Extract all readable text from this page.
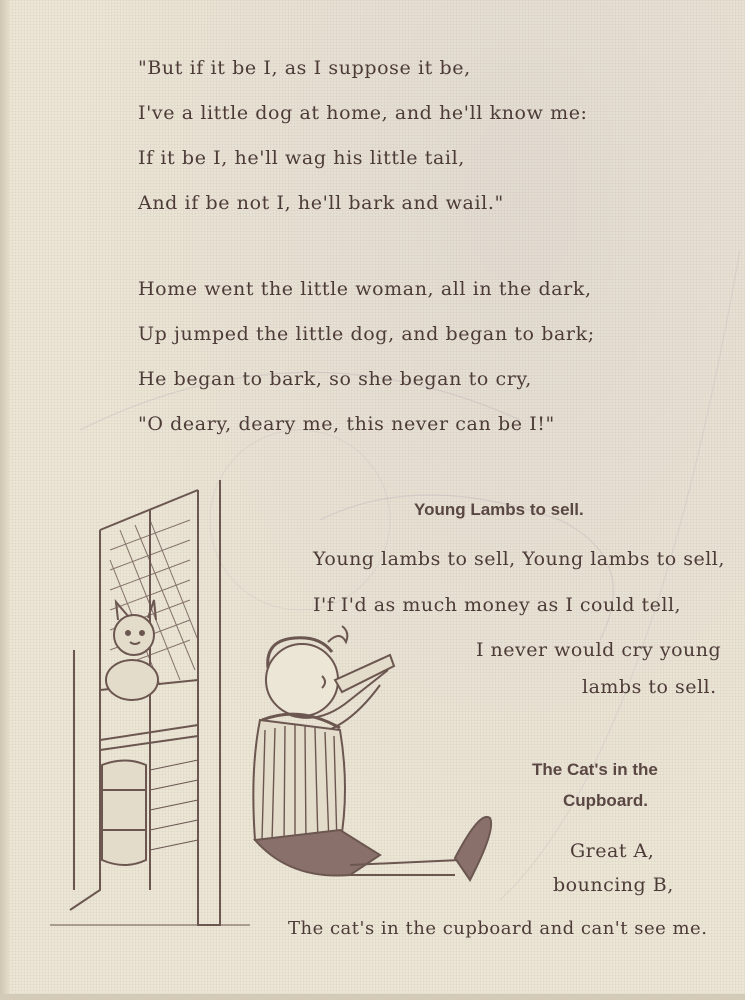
"But if it be I, as I suppose it be,
I've a little dog at home, and he'll know me:
If it be I, he'll wag his little tail,
And if be not I, he'll bark and wail."
Home went the little woman, all in the dark,
Up jumped the little dog, and began to bark;
He began to bark, so she began to cry,
"O deary, deary me, this never can be I!"
Young Lambs to sell.
Young lambs to sell, Young lambs to sell,
I'f I'd as much money as I could tell,
I never would cry young
lambs to sell.
The Cat's in the
Cupboard.
Great A,
bouncing B,
The cat's in the cupboard and can't see me.
